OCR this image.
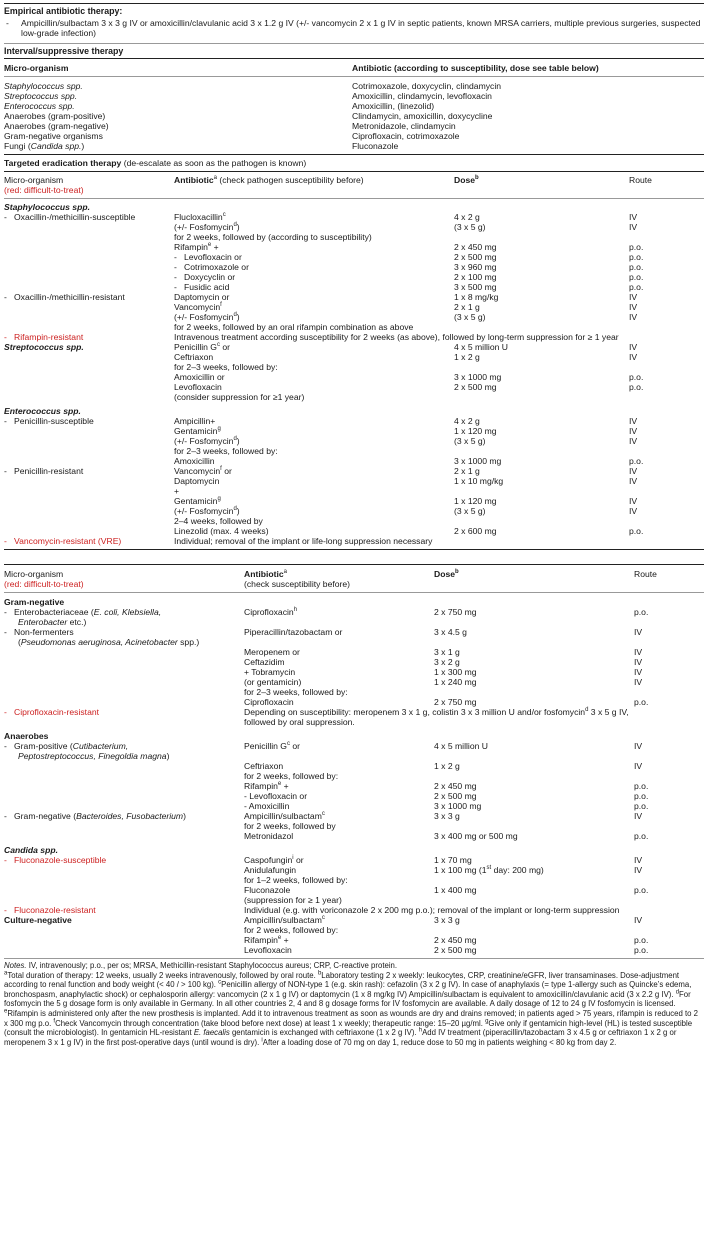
Empirical antibiotic therapy:
-	Ampicillin/sulbactam 3 x 3 g IV or amoxicillin/clavulanic acid 3 x 1.2 g IV (+/- vancomycin 2 x 1 g IV in septic patients, known MRSA carriers, multiple previous surgeries, suspected low-grade infection)
Interval/suppressive therapy
Micro-organism	Antibiotic (according to susceptibility, dose see table below)
Staphylococcus spp.	Cotrimoxazole, doxycyclin, clindamycin
Streptococcus spp.	Amoxicillin, clindamycin, levofloxacin
Enterococcus spp.	Amoxicillin, (linezolid)
Anaerobes (gram-positive)	Clindamycin, amoxicillin, doxycycline
Anaerobes (gram-negative)	Metronidazole, clindamycin
Gram-negative organisms	Ciprofloxacin, cotrimoxazole
Fungi (Candida spp.)	Fluconazole
Targeted eradication therapy (de-escalate as soon as the pathogen is known)
Micro-organism
(red: difficult-to-treat)
Antibiotic$^a$ (check pathogen susceptibility before)	Dose$^b$	Route
Staphylococcus spp.
- Oxacillin-/methicillin-susceptible	Flucloxacillin$^c$	4 x 2 g	IV
(+/- Fosfomycin$^d$)	(3 x 5 g)	IV
for 2 weeks, followed by (according to susceptibility)
Rifampin$^e$ +	2 x 450 mg	p.o.
- Levofloxacin or	2 x 500 mg	p.o.
- Cotrimoxazole or	3 x 960 mg	p.o.
- Doxycyclin or	2 x 100 mg	p.o.
- Fusidic acid	3 x 500 mg	p.o.
- Oxacillin-/methicillin-resistant	Daptomycin or	1 x 8 mg/kg	IV
Vancomycin$^f$	2 x 1 g	IV
(+/- Fosfomycin$^d$)	(3 x 5 g)	IV
for 2 weeks, followed by an oral rifampin combination as above
- Rifampin-resistant	Intravenous treatment according susceptibility for 2 weeks (as above), followed by long-term suppression for ≥ 1 year
Streptococcus spp.	Penicillin $G^c$ or	4 x 5 million U	IV
Ceftriaxon	1 x 2 g	IV
for 2–3 weeks, followed by:
Amoxicillin or	3 x 1000 mg	p.o.
Levofloxacin	2 x 500 mg	p.o.
(consider suppression for ≥1 year)
Enterococcus spp.
- Penicillin-susceptible	Ampicillin+	4 x 2 g	IV
Gentamicin$^g$	1 x 120 mg	IV
(+/- Fosfomycin$^d$)	(3 x 5 g)	IV
for 2–3 weeks, followed by:
Amoxicillin	3 x 1000 mg	p.o.
- Penicillin-resistant	Vancomycin$^f$ or	2 x 1 g	IV
Daptomycin	1 x 10 mg/kg	IV
+
Gentamicin$^g$	1 x 120 mg	IV
(+/- Fosfomycin$^d$)	(3 x 5 g)	IV
2–4 weeks, followed by
Linezolid (max. 4 weeks)	2 x 600 mg	p.o.
- Vancomycin-resistant (VRE)	Individual; removal of the implant or life-long suppression necessary
Micro-organism
(red: difficult-to-treat)
Antibiotic$^a$
(check susceptibility before)
Dose$^b$	Route
Gram-negative
- Enterobacteriaceae (E. coli, Klebsiella,
Enterobacter etc.)
Ciprofloxacin$^h$	2 x 750 mg	p.o.
- Non-fermenters
(Pseudomonas aeruginosa, Acinetobacter spp.)
Piperacillin/tazobactam or	3 x 4.5 g	IV
Meropenem or	3 x 1 g	IV
Ceftazidim	3 x 2 g	IV
+ Tobramycin	1 x 300 mg	IV
(or gentamicin)	1 x 240 mg	IV
for 2–3 weeks, followed by:
Ciprofloxacin	2 x 750 mg	p.o.
- Ciprofloxacin-resistant	Depending on susceptibility: meropenem 3 x 1 g, colistin 3 x 3 million U and/or fosfomycin$^d$ 3 x 5 g IV,
followed by oral suppression.
Anaerobes
- Gram-positive (Cutibacterium,
Peptostreptococcus, Finegoldia magna)
Penicillin $G^c$ or	4 x 5 million U	IV
Ceftriaxon	1 x 2 g	IV
for 2 weeks, followed by:
Rifampin$^e$ +	2 x 450 mg	p.o.
- Levofloxacin or	2 x 500 mg	p.o.
- Amoxicillin	3 x 1000 mg	p.o.
- Gram-negative (Bacteroides, Fusobacterium)	Ampicillin/sulbactam$^c$	3 x 3 g	IV
for 2 weeks, followed by
Metronidazol	3 x 400 mg or 500 mg	p.o.
Candida spp.
- Fluconazole-susceptible	Caspofungin$^i$ or	1 x 70 mg	IV
Anidulafungin	1 x 100 mg (1st day: 200 mg)	IV
for 1–2 weeks, followed by:
Fluconazole	1 x 400 mg	p.o.
(suppression for ≥ 1 year)
- Fluconazole-resistant	Individual (e.g. with voriconazole 2 x 200 mg p.o.); removal of the implant or long-term suppression
Culture-negative	Ampicillin/sulbactam$^c$	3 x 3 g	IV
for 2 weeks, followed by:
Rifampin$^e$ +	2 x 450 mg	p.o.
Levofloxacin	2 x 500 mg	p.o.
Notes. IV, intravenously; p.o., per os; MRSA, Methicillin-resistant Staphylococcus aureus; CRP, C-reactive protein.
$^a$Total duration of therapy: 12 weeks, usually 2 weeks intravenously, followed by oral route. $^b$Laboratory testing 2 x weekly: leukocytes, CRP, creatinine/eGFR, liver transaminases. Dose-adjustment according to renal function and body weight (< 40 / > 100 kg). $^c$Penicillin allergy of NON-type 1 (e.g. skin rash): cefazolin (3 x 2 g IV). In case of anaphylaxis (= type 1-allergy such as Quincke’s edema, bronchospasm, anaphylactic shock) or cephalosporin allergy: vancomycin (2 x 1 g IV) or daptomycin (1 x 8 mg/kg IV) Ampicillin/sulbactam is equivalent to amoxicillin/clavulanic acid (3 x 2.2 g IV). $^d$For fosfomycin the 5 g dosage form is only available in Germany. In all other countries 2, 4 and 8 g dosage forms for IV fosfomycin are available. A daily dosage of 12 to 24 g IV fosfomycin is licensed. $^e$Rifampin is administered only after the new prosthesis is implanted. Add it to intravenous treatment as soon as wounds are dry and drains removed; in patients aged > 75 years, rifampin is reduced to 2 x 300 mg p.o. $^f$Check Vancomycin through concentration (take blood before next dose) at least 1 x weekly; therapeutic range: 15–20 µg/ml. $^g$Give only if gentamicin high-level (HL) is tested susceptible (consult the microbiologist). In gentamicin HL-resistant E. faecalis gentamicin is exchanged with ceftriaxone (1 x 2 g IV). $^h$Add IV treatment (piperacillin/tazobactam 3 x 4.5 g or ceftriaxon 1 x 2 g or meropenem 3 x 1 g IV) in the first post-operative days (until wound is dry). $^i$After a loading dose of 70 mg on day 1, reduce dose to 50 mg in patients weighing < 80 kg from day 2.
